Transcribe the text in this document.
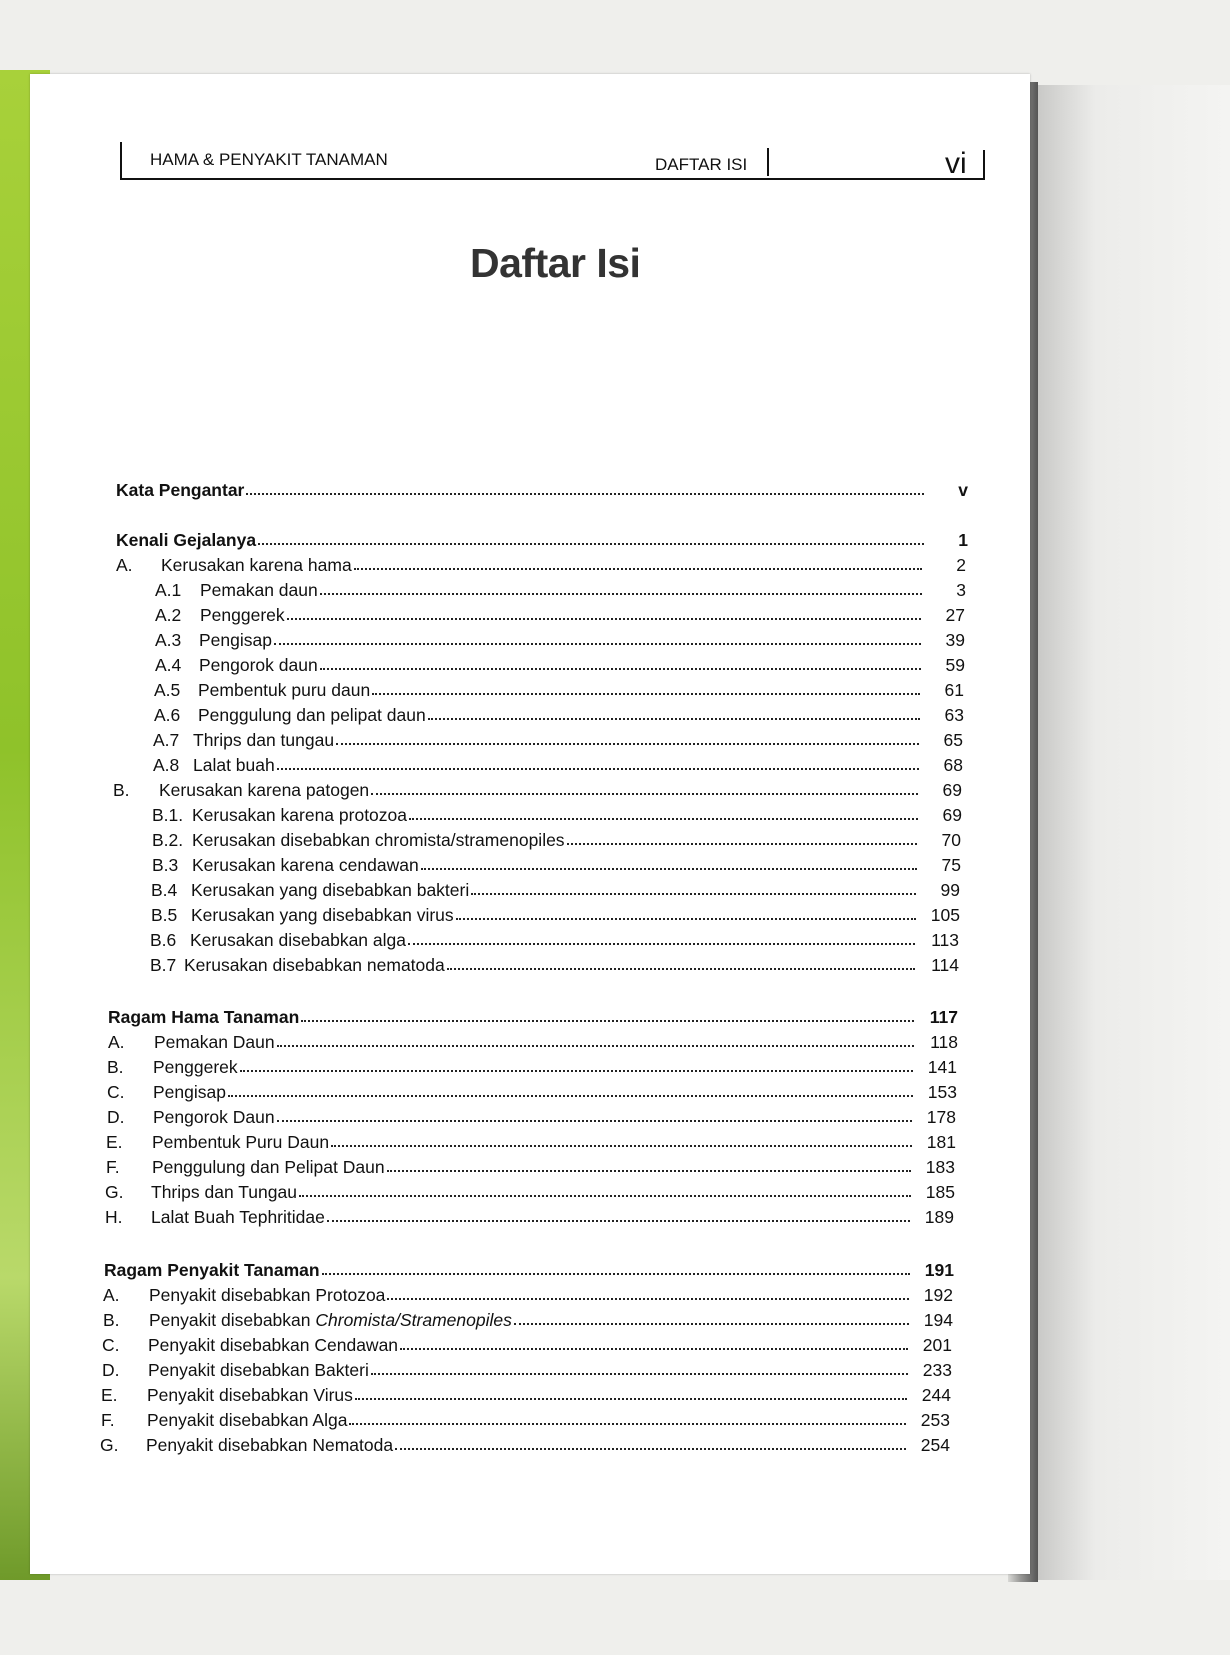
HAMA & PENYAKIT TANAMAN	DAFTAR ISI	vi
Daftar Isi
Kata Pengantar	v
Kenali Gejalanya	1
A.	Kerusakan karena hama	2
A.1	Pemakan daun	3
A.2	Penggerek	27
A.3	Pengisap	39
A.4	Pengorok daun	59
A.5	Pembentuk puru daun	61
A.6	Penggulung dan pelipat daun	63
A.7 Thrips dan tungau	65
A.8 Lalat buah	68
B.	Kerusakan karena patogen	69
B.1. Kerusakan karena protozoa	69
B.2. Kerusakan disebabkan chromista/stramenopiles	70
B.3 Kerusakan karena cendawan	75
B.4 Kerusakan yang disebabkan bakteri	99
B.5 Kerusakan yang disebabkan virus	105
B.6 Kerusakan disebabkan alga	113
B.7 Kerusakan disebabkan nematoda	114
Ragam Hama Tanaman	117
A.	Pemakan Daun	118
B.	Penggerek	141
C.	Pengisap	153
D.	Pengorok Daun	178
E.	Pembentuk Puru Daun	181
F.	Penggulung dan Pelipat Daun	183
G.	Thrips dan Tungau	185
H.	Lalat Buah Tephritidae	189
Ragam Penyakit Tanaman	191
A.	Penyakit disebabkan Protozoa	192
B.	Penyakit disebabkan
Chromista/Stramenopiles	194
C.	Penyakit disebabkan Cendawan	201
D.	Penyakit disebabkan Bakteri	233
E.	Penyakit disebabkan Virus	244
F.	Penyakit disebabkan Alga	253
G.	Penyakit disebabkan Nematoda	254
